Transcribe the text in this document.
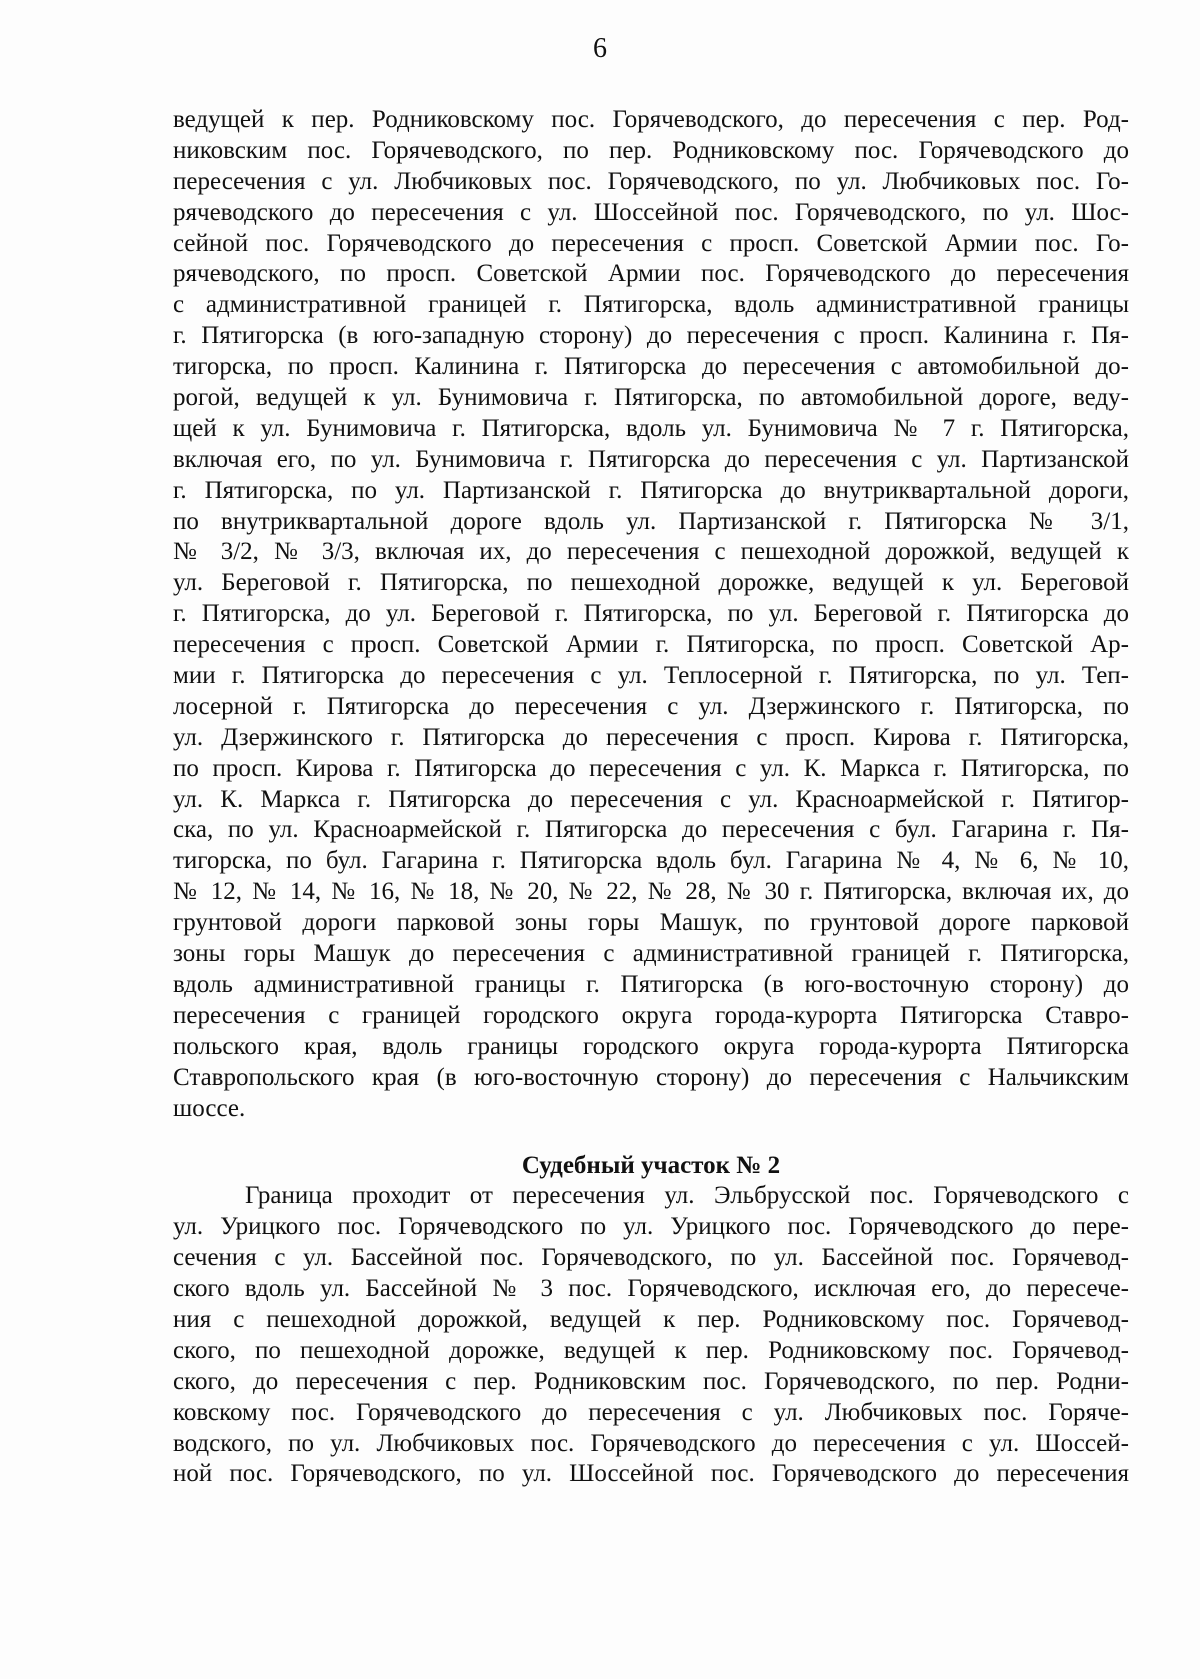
6
ведущей к пер. Родниковскому пос. Горячеводского, до пересечения с пер. Род-
никовским пос. Горячеводского, по пер. Родниковскому пос. Горячеводского до
пересечения с ул. Любчиковых пос. Горячеводского, по ул. Любчиковых пос. Го-
рячеводского до пересечения с ул. Шоссейной пос. Горячеводского, по ул. Шос-
сейной пос. Горячеводского до пересечения с просп. Советской Армии пос. Го-
рячеводского, по просп. Советской Армии пос. Горячеводского до пересечения
с административной границей г. Пятигорска, вдоль административной границы
г. Пятигорска (в юго-западную сторону) до пересечения с просп. Калинина г. Пя-
тигорска, по просп. Калинина г. Пятигорска до пересечения с автомобильной до-
рогой, ведущей к ул. Бунимовича г. Пятигорска, по автомобильной дороге, веду-
щей к ул. Бунимовича г. Пятигорска, вдоль ул. Бунимовича № 7 г. Пятигорска,
включая его, по ул. Бунимовича г. Пятигорска до пересечения с ул. Партизанской
г. Пятигорска, по ул. Партизанской г. Пятигорска до внутриквартальной дороги,
по внутриквартальной дороге вдоль ул. Партизанской г. Пятигорска № 3/1,
№ 3/2, № 3/3, включая их, до пересечения с пешеходной дорожкой, ведущей к
ул. Береговой г. Пятигорска, по пешеходной дорожке, ведущей к ул. Береговой
г. Пятигорска, до ул. Береговой г. Пятигорска, по ул. Береговой г. Пятигорска до
пересечения с просп. Советской Армии г. Пятигорска, по просп. Советской Ар-
мии г. Пятигорска до пересечения с ул. Теплосерной г. Пятигорска, по ул. Теп-
лосерной г. Пятигорска до пересечения с ул. Дзержинского г. Пятигорска, по
ул. Дзержинского г. Пятигорска до пересечения с просп. Кирова г. Пятигорска,
по просп. Кирова г. Пятигорска до пересечения с ул. К. Маркса г. Пятигорска, по
ул. К. Маркса г. Пятигорска до пересечения с ул. Красноармейской г. Пятигор-
ска, по ул. Красноармейской г. Пятигорска до пересечения с бул. Гагарина г. Пя-
тигорска, по бул. Гагарина г. Пятигорска вдоль бул. Гагарина № 4, № 6, № 10,
№ 12, № 14, № 16, № 18, № 20, № 22, № 28, № 30 г. Пятигорска, включая их, до
грунтовой дороги парковой зоны горы Машук, по грунтовой дороге парковой
зоны горы Машук до пересечения с административной границей г. Пятигорска,
вдоль административной границы г. Пятигорска (в юго-восточную сторону) до
пересечения с границей городского округа города-курорта Пятигорска Ставро-
польского края, вдоль границы городского округа города-курорта Пятигорска
Ставропольского края (в юго-восточную сторону) до пересечения с Нальчикским
шоссе.
Судебный участок № 2
Граница проходит от пересечения ул. Эльбрусской пос. Горячеводского с
ул. Урицкого пос. Горячеводского по ул. Урицкого пос. Горячеводского до пере-
сечения с ул. Бассейной пос. Горячеводского, по ул. Бассейной пос. Горячевод-
ского вдоль ул. Бассейной № 3 пос. Горячеводского, исключая его, до пересече-
ния с пешеходной дорожкой, ведущей к пер. Родниковскому пос. Горячевод-
ского, по пешеходной дорожке, ведущей к пер. Родниковскому пос. Горячевод-
ского, до пересечения с пер. Родниковским пос. Горячеводского, по пер. Родни-
ковскому пос. Горячеводского до пересечения с ул. Любчиковых пос. Горяче-
водского, по ул. Любчиковых пос. Горячеводского до пересечения с ул. Шоссей-
ной пос. Горячеводского, по ул. Шоссейной пос. Горячеводского до пересечения
